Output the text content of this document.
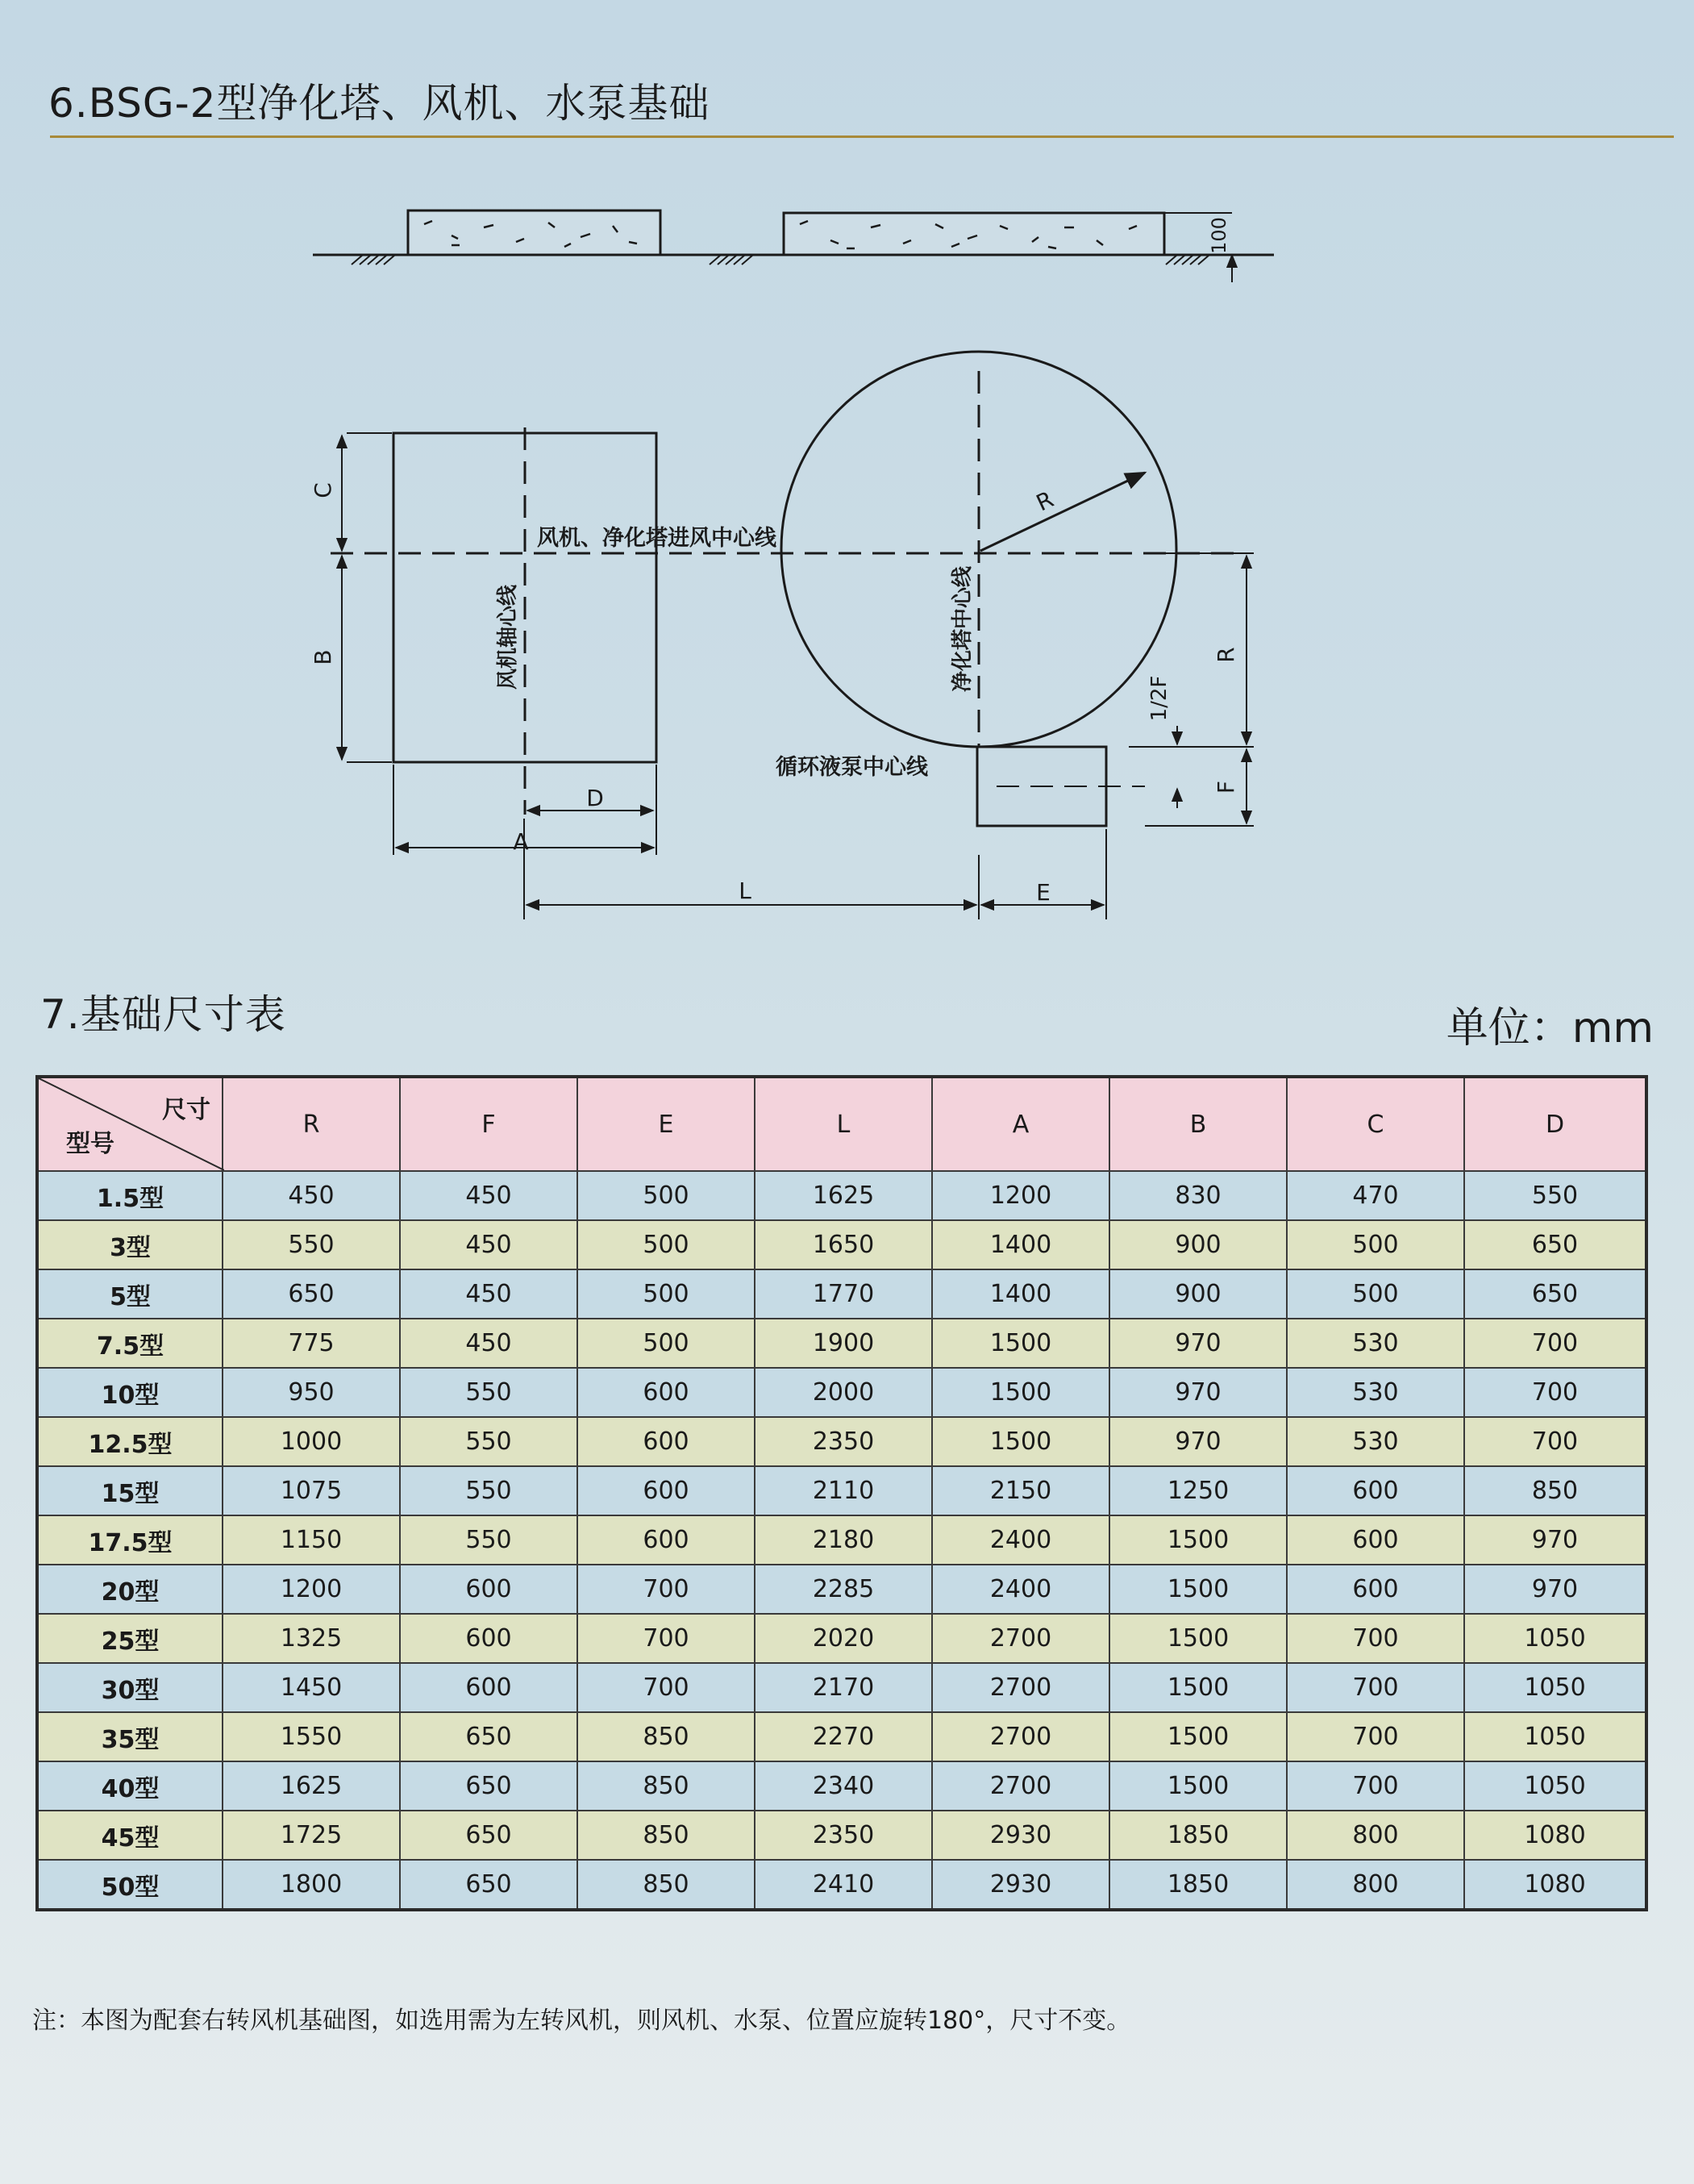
6.BSG-2型净化塔、风机、水泵基础
100
C
B
D
A
风机轴心线
风机、净化塔进风中心线
R
R
1/2F
F
净化塔中心线
循环液泵中心线
L	E
7.基础尺寸表	单位：mm
尺寸
型号	R	F	E	L	A	B	C	D
1.5型	450	450	500	1625	1200	830	470	550
3型	550	450	500	1650	1400	900	500	650
5型	650	450	500	1770	1400	900	500	650
7.5型	775	450	500	1900	1500	970	530	700
10型	950	550	600	2000	1500	970	530	700
12.5型	1000	550	600	2350	1500	970	530	700
15型	1075	550	600	2110	2150	1250	600	850
17.5型	1150	550	600	2180	2400	1500	600	970
20型	1200	600	700	2285	2400	1500	600	970
25型	1325	600	700	2020	2700	1500	700	1050
30型	1450	600	700	2170	2700	1500	700	1050
35型	1550	650	850	2270	2700	1500	700	1050
40型	1625	650	850	2340	2700	1500	700	1050
45型	1725	650	850	2350	2930	1850	800	1080
50型	1800	650	850	2410	2930	1850	800	1080
注：本图为配套右转风机基础图，如选用需为左转风机，则风机、水泵、位置应旋转180°，尺寸不变。
